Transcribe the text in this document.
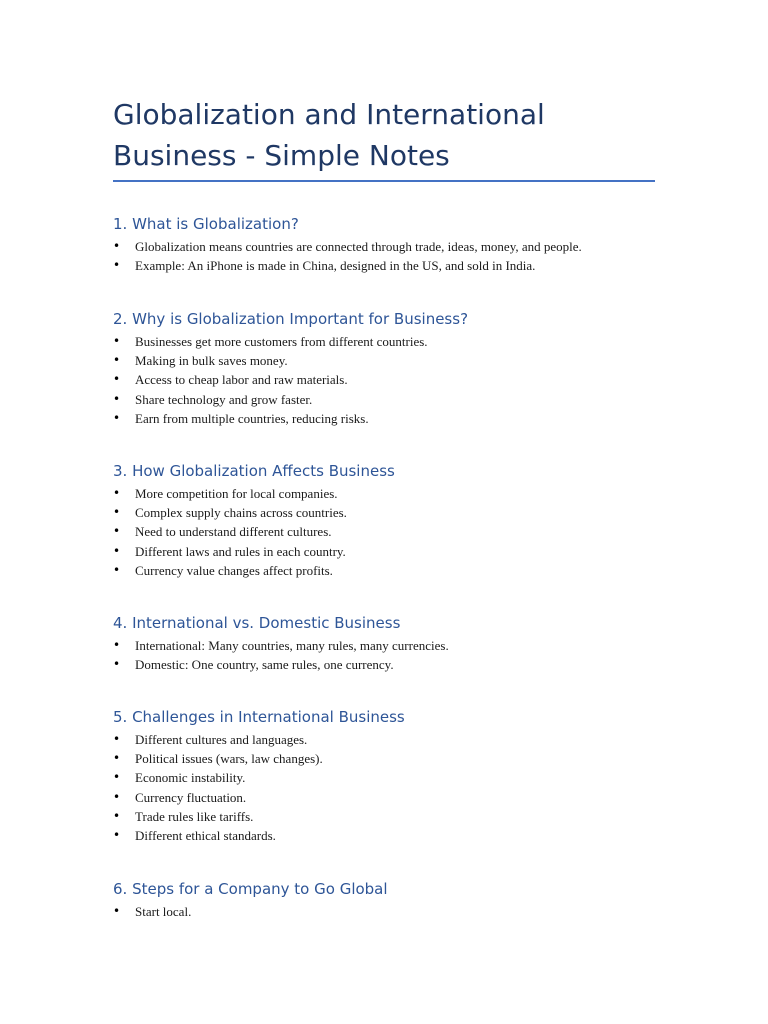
Globalization and International Business - Simple Notes
1. What is Globalization?
• Globalization means countries are connected through trade, ideas, money, and people.
• Example: An iPhone is made in China, designed in the US, and sold in India.
2. Why is Globalization Important for Business?
• Businesses get more customers from different countries.
• Making in bulk saves money.
• Access to cheap labor and raw materials.
• Share technology and grow faster.
• Earn from multiple countries, reducing risks.
3. How Globalization Affects Business
• More competition for local companies.
• Complex supply chains across countries.
• Need to understand different cultures.
• Different laws and rules in each country.
• Currency value changes affect profits.
4. International vs. Domestic Business
• International: Many countries, many rules, many currencies.
• Domestic: One country, same rules, one currency.
5. Challenges in International Business
• Different cultures and languages.
• Political issues (wars, law changes).
• Economic instability.
• Currency fluctuation.
• Trade rules like tariffs.
• Different ethical standards.
6. Steps for a Company to Go Global
• Start local.
